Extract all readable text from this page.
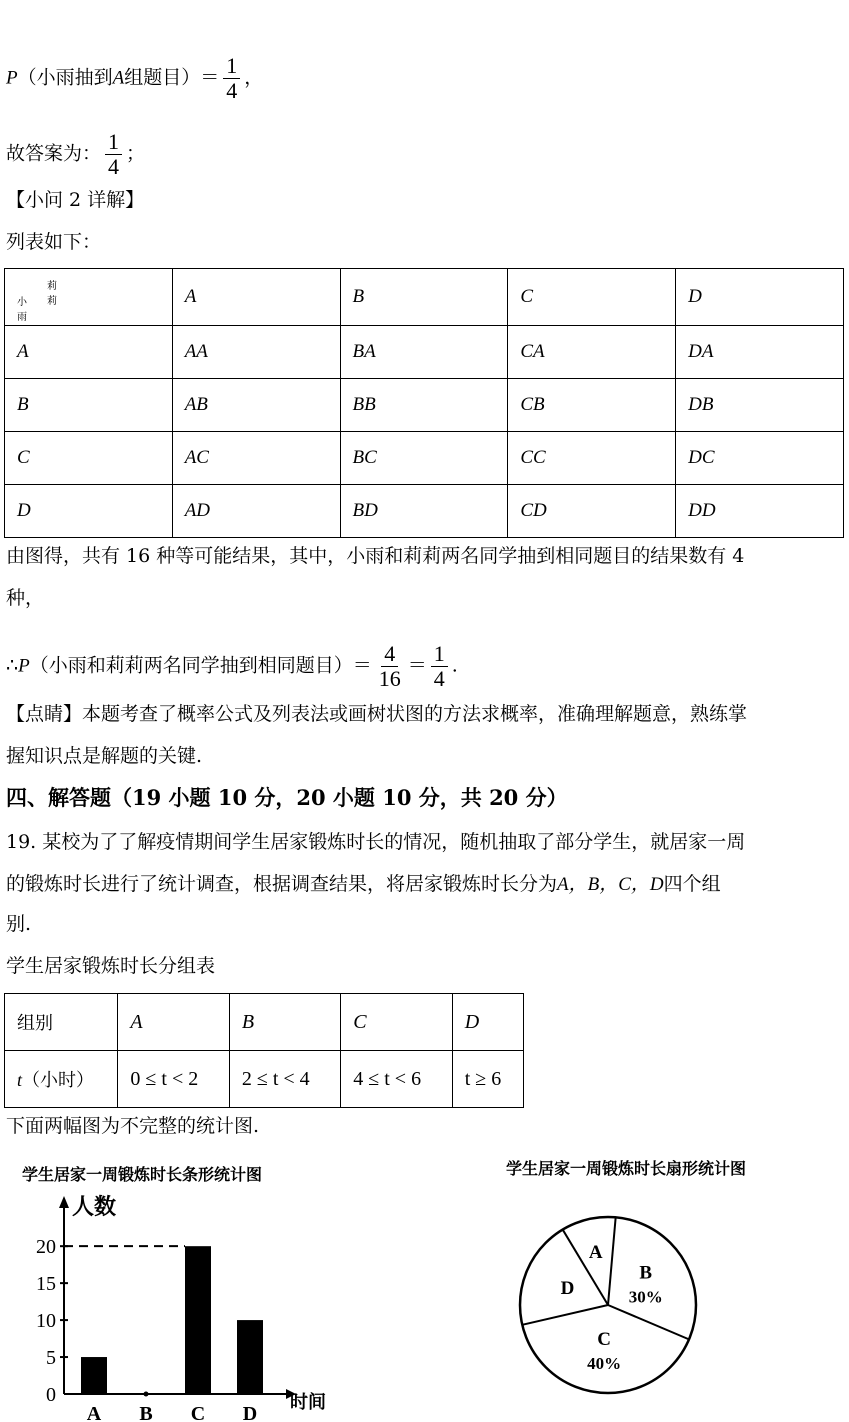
P（小雨抽到A组题目）＝ $\frac{1}{4}$ ，
故答案为： $\frac{1}{4}$ ；
【小问 2 详解】
列表如下：
莉莉
小雨	A	B	C	D
A	AA	BA	CA	DA
B	AB	BB	CB	DB
C	AC	BC	CC	DC
D	AD	BD	CD	DD
由图得，共有 16 种等可能结果，其中，小雨和莉莉两名同学抽到相同题目的结果数有 4
种，
∴P（小雨和莉莉两名同学抽到相同题目）＝ $\frac{4}{16} = \frac{1}{4}$ .
【点睛】本题考查了概率公式及列表法或画树状图的方法求概率，准确理解题意，熟练掌
握知识点是解题的关键.
四、解答题（19 小题 10 分，20 小题 10 分，共 20 分）
19. 某校为了了解疫情期间学生居家锻炼时长的情况，随机抽取了部分学生，就居家一周
的锻炼时长进行了统计调查，根据调查结果，将居家锻炼时长分为A，B，C，D四个组
别.
学生居家锻炼时长分组表
组别	A	B	C	D
t（小时）	0 ≤ t < 2	2 ≤ t < 4	4 ≤ t < 6	t ≥ 6
下面两幅图为不完整的统计图.
学生居家一周锻炼时长条形统计图
人数
时间
0
5
10
15
20
A B C D
学生居家一周锻炼时长扇形统计图
A
B
30%
C
40%
D
